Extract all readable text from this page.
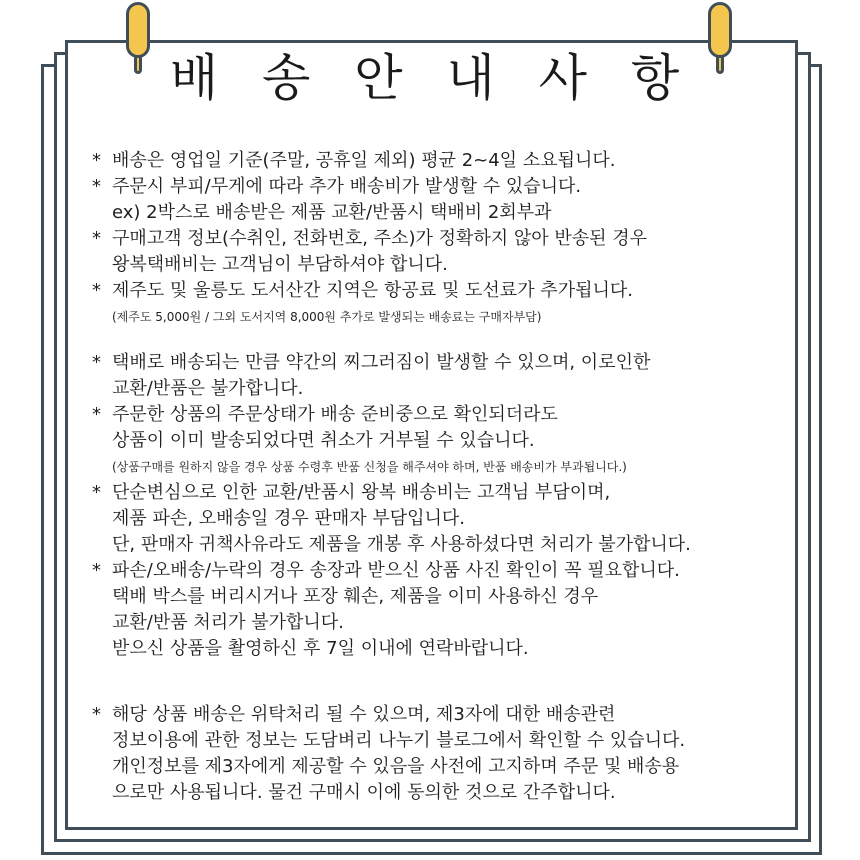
배 송 안 내 사 항
* 배송은 영업일 기준(주말, 공휴일 제외) 평균 2~4일 소요됩니다.
* 주문시 부피/무게에 따라 추가 배송비가 발생할 수 있습니다.
ex) 2박스로 배송받은 제품 교환/반품시 택배비 2회부과
* 구매고객 정보(수취인, 전화번호, 주소)가 정확하지 않아 반송된 경우
왕복택배비는 고객님이 부담하셔야 합니다.
* 제주도 및 울릉도 도서산간 지역은 항공료 및 도선료가 추가됩니다.
(제주도 5,000원 / 그외 도서지역 8,000원 추가로 발생되는 배송료는 구매자부담)
* 택배로 배송되는 만큼 약간의 찌그러짐이 발생할 수 있으며, 이로인한
교환/반품은 불가합니다.
* 주문한 상품의 주문상태가 배송 준비중으로 확인되더라도
상품이 이미 발송되었다면 취소가 거부될 수 있습니다.
(상품구매를 원하지 않을 경우 상품 수령후 반품 신청을 해주셔야 하며, 반품 배송비가 부과됩니다.)
* 단순변심으로 인한 교환/반품시 왕복 배송비는 고객님 부담이며,
제품 파손, 오배송일 경우 판매자 부담입니다.
단, 판매자 귀책사유라도 제품을 개봉 후 사용하셨다면 처리가 불가합니다.
* 파손/오배송/누락의 경우 송장과 받으신 상품 사진 확인이 꼭 필요합니다.
택배 박스를 버리시거나 포장 훼손, 제품을 이미 사용하신 경우
교환/반품 처리가 불가합니다.
받으신 상품을 촬영하신 후 7일 이내에 연락바랍니다.
* 해당 상품 배송은 위탁처리 될 수 있으며, 제3자에 대한 배송관련
정보이용에 관한 정보는 도담벼리 나누기 블로그에서 확인할 수 있습니다.
개인정보를 제3자에게 제공할 수 있음을 사전에 고지하며 주문 및 배송용
으로만 사용됩니다. 물건 구매시 이에 동의한 것으로 간주합니다.
